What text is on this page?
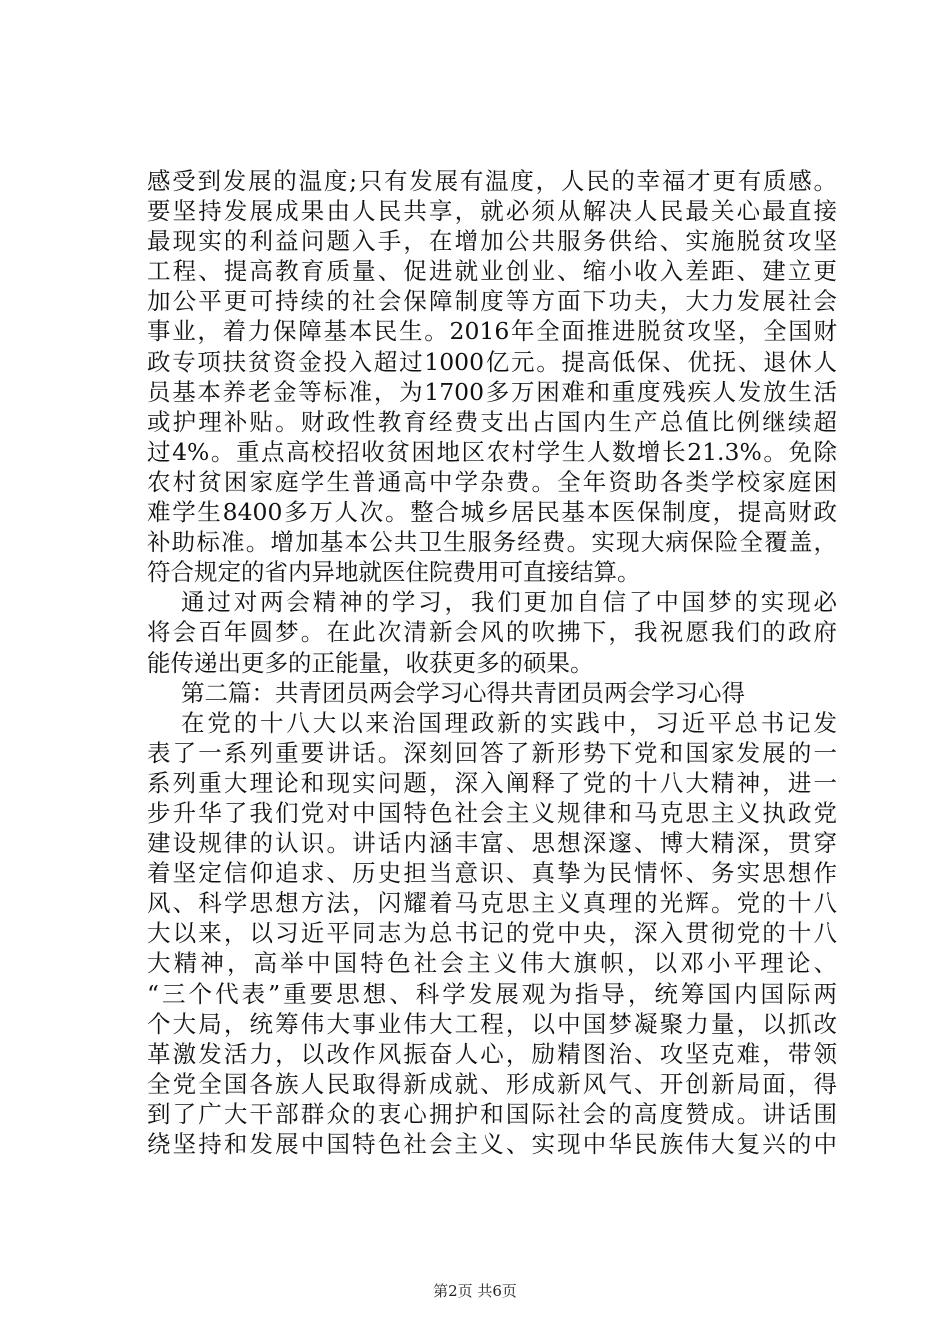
感受到发展的温度;只有发展有温度，人民的幸福才更有质感。
要坚持发展成果由人民共享，就必须从解决人民最关心最直接
最现实的利益问题入手，在增加公共服务供给、实施脱贫攻坚
工程、提高教育质量、促进就业创业、缩小收入差距、建立更
加公平更可持续的社会保障制度等方面下功夫，大力发展社会
事业，着力保障基本民生。2016年全面推进脱贫攻坚，全国财
政专项扶贫资金投入超过1000亿元。提高低保、优抚、退休人
员基本养老金等标准，为1700多万困难和重度残疾人发放生活
或护理补贴。财政性教育经费支出占国内生产总值比例继续超
过4%。重点高校招收贫困地区农村学生人数增长21.3%。免除
农村贫困家庭学生普通高中学杂费。全年资助各类学校家庭困
难学生8400多万人次。整合城乡居民基本医保制度，提高财政
补助标准。增加基本公共卫生服务经费。实现大病保险全覆盖，
符合规定的省内异地就医住院费用可直接结算。
通过对两会精神的学习，我们更加自信了中国梦的实现必
将会百年圆梦。在此次清新会风的吹拂下，我祝愿我们的政府
能传递出更多的正能量，收获更多的硕果。
第二篇：共青团员两会学习心得共青团员两会学习心得
在党的十八大以来治国理政新的实践中，习近平总书记发
表了一系列重要讲话。深刻回答了新形势下党和国家发展的一
系列重大理论和现实问题，深入阐释了党的十八大精神，进一
步升华了我们党对中国特色社会主义规律和马克思主义执政党
建设规律的认识。讲话内涵丰富、思想深邃、博大精深，贯穿
着坚定信仰追求、历史担当意识、真挚为民情怀、务实思想作
风、科学思想方法，闪耀着马克思主义真理的光辉。党的十八
大以来，以习近平同志为总书记的党中央，深入贯彻党的十八
大精神，高举中国特色社会主义伟大旗帜，以邓小平理论、
“三个代表”重要思想、科学发展观为指导，统筹国内国际两
个大局，统筹伟大事业伟大工程，以中国梦凝聚力量，以抓改
革激发活力，以改作风振奋人心，励精图治、攻坚克难，带领
全党全国各族人民取得新成就、形成新风气、开创新局面，得
到了广大干部群众的衷心拥护和国际社会的高度赞成。讲话围
绕坚持和发展中国特色社会主义、实现中华民族伟大复兴的中
第2页 共6页
